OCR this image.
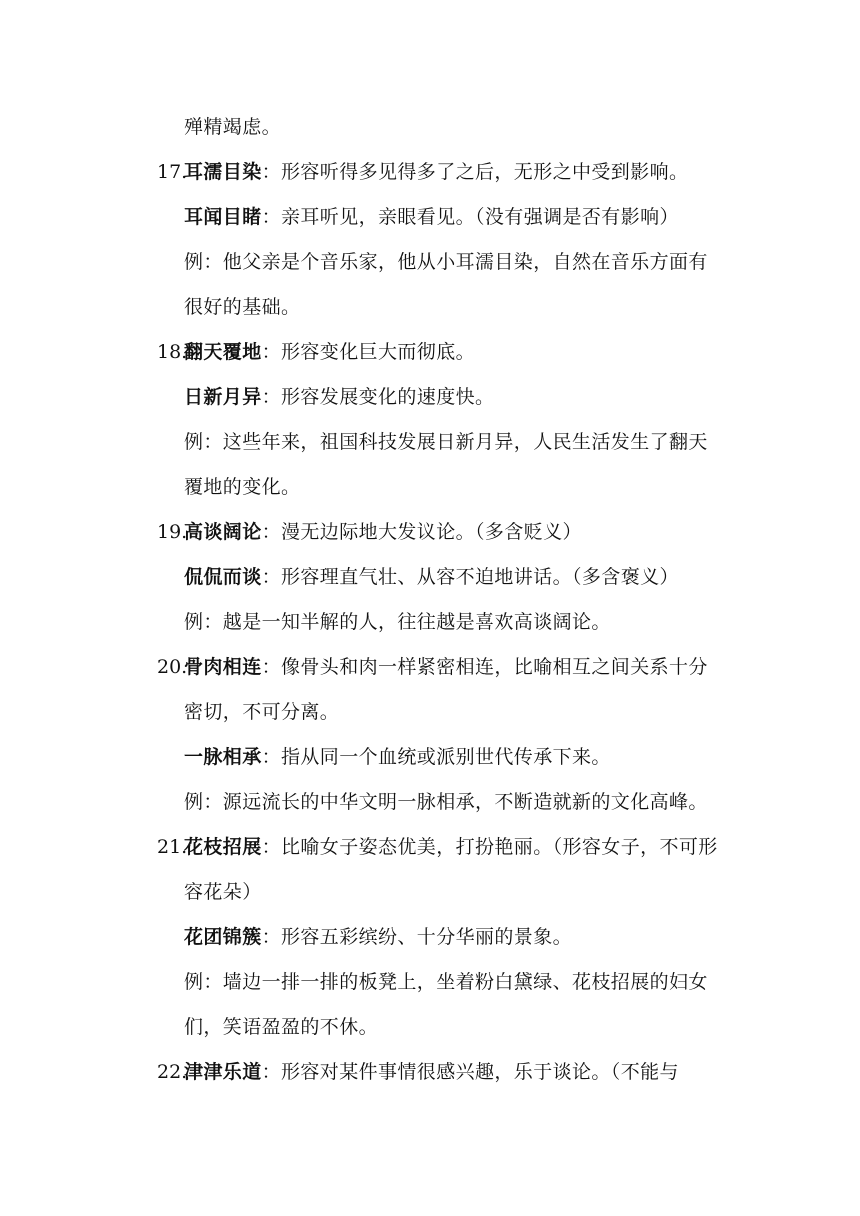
殚精竭虑。
17.
耳濡目染：形容听得多见得多了之后，无形之中受到影响。
耳闻目睹：亲耳听见，亲眼看见。（没有强调是否有影响）
例：他父亲是个音乐家，他从小耳濡目染，自然在音乐方面有
很好的基础。
18.
翻天覆地：形容变化巨大而彻底。
日新月异：形容发展变化的速度快。
例：这些年来，祖国科技发展日新月异，人民生活发生了翻天
覆地的变化。
19.
高谈阔论：漫无边际地大发议论。（多含贬义）
侃侃而谈：形容理直气壮、从容不迫地讲话。（多含褒义）
例：越是一知半解的人，往往越是喜欢高谈阔论。
20.
骨肉相连：像骨头和肉一样紧密相连，比喻相互之间关系十分
密切，不可分离。
一脉相承：指从同一个血统或派别世代传承下来。
例：源远流长的中华文明一脉相承，不断造就新的文化高峰。
21.
花枝招展：比喻女子姿态优美，打扮艳丽。（形容女子，不可形
容花朵）
花团锦簇：形容五彩缤纷、十分华丽的景象。
例：墙边一排一排的板凳上，坐着粉白黛绿、花枝招展的妇女
们，笑语盈盈的不休。
22.
津津乐道：形容对某件事情很感兴趣，乐于谈论。（不能与
